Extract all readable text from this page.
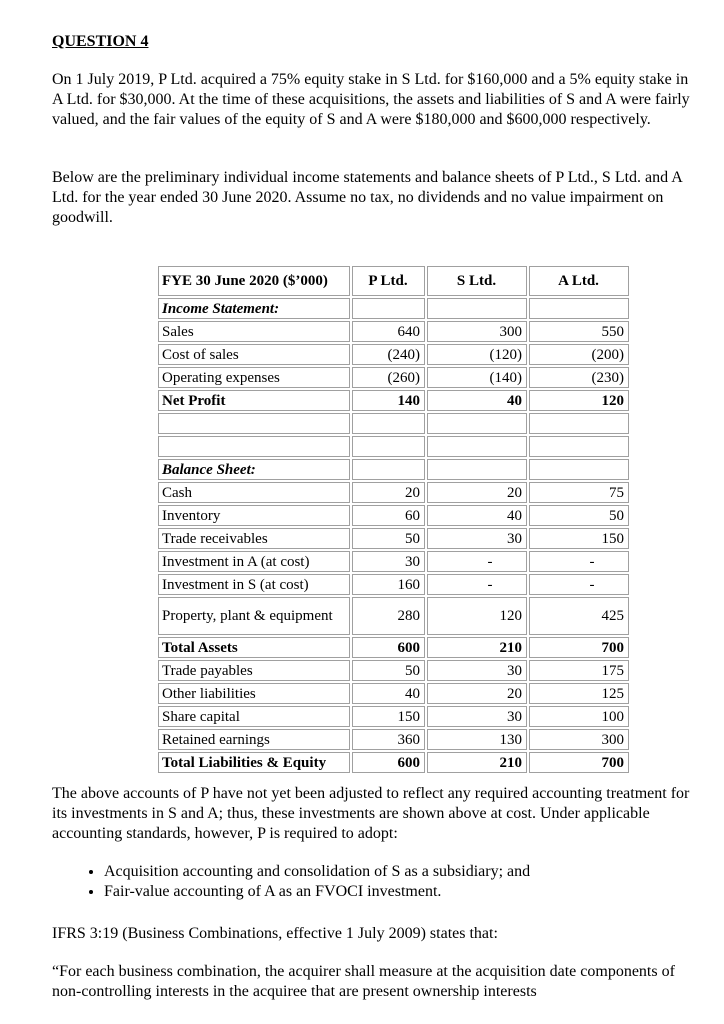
QUESTION 4

On 1 July 2019, P Ltd. acquired a 75% equity stake in S Ltd. for $160,000 and a 5% equity stake in A Ltd. for $30,000. At the time of these acquisitions, the assets and liabilities of S and A were fairly valued, and the fair values of the equity of S and A were $180,000 and $600,000 respectively.

Below are the preliminary individual income statements and balance sheets of P Ltd., S Ltd. and A Ltd. for the year ended 30 June 2020. Assume no tax, no dividends and no value impairment on goodwill.

FYE 30 June 2020 ($’000)	P Ltd.	S Ltd.	A Ltd.
Income Statement:			
Sales	640	300	550
Cost of sales	(240)	(120)	(200)
Operating expenses	(260)	(140)	(230)
Net Profit	140	40	120

Balance Sheet:			
Cash	20	20	75
Inventory	60	40	50
Trade receivables	50	30	150
Investment in A (at cost)	30	-	-
Investment in S (at cost)	160	-	-
Property, plant & equipment	280	120	425
Total Assets	600	210	700
Trade payables	50	30	175
Other liabilities	40	20	125
Share capital	150	30	100
Retained earnings	360	130	300
Total Liabilities & Equity	600	210	700

The above accounts of P have not yet been adjusted to reflect any required accounting treatment for its investments in S and A; thus, these investments are shown above at cost. Under applicable accounting standards, however, P is required to adopt:

• Acquisition accounting and consolidation of S as a subsidiary; and
• Fair-value accounting of A as an FVOCI investment.

IFRS 3:19 (Business Combinations, effective 1 July 2009) states that:

“For each business combination, the acquirer shall measure at the acquisition date components of non-controlling interests in the acquiree that are present ownership interests
